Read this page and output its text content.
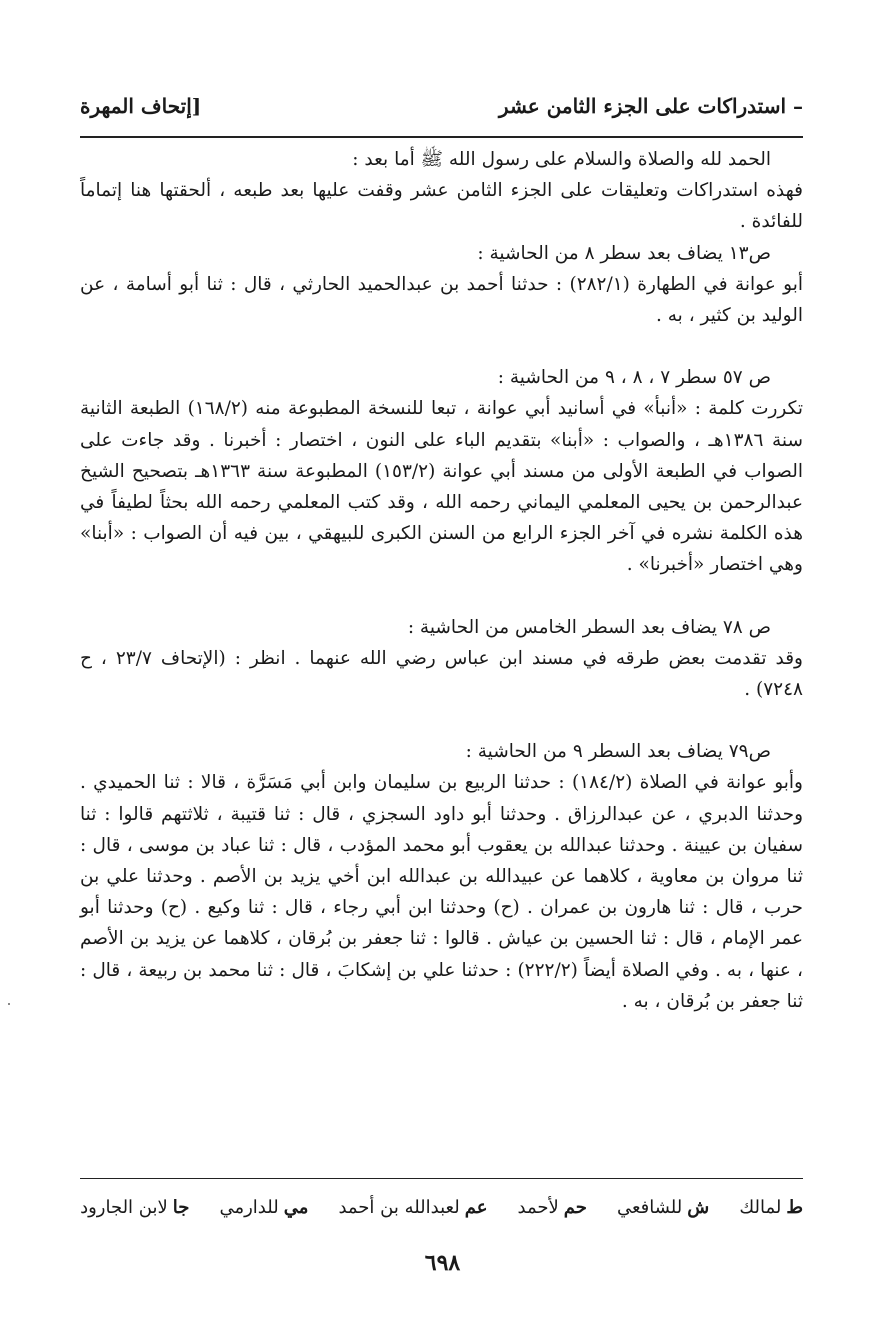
– استدراكات على الجزء الثامن عشر
[إتحاف المهرة

الحمد لله والصلاة والسلام على رسول الله ﷺ أما بعد :

فهذه استدراكات وتعليقات على الجزء الثامن عشر وقفت عليها بعد طبعه ، ألحقتها هنا إتماماً للفائدة .

ص١٣ يضاف بعد سطر ٨ من الحاشية :

أبو عوانة في الطهارة (٢٨٢/١) : حدثنا أحمد بن عبدالحميد الحارثي ، قال : ثنا أبو أسامة ، عن الوليد بن كثير ، به .

ص ٥٧ سطر ٧ ، ٨ ، ٩ من الحاشية :

تكررت كلمة : «أنبأ» في أسانيد أبي عوانة ، تبعا للنسخة المطبوعة منه (١٦٨/٢) الطبعة الثانية سنة ١٣٨٦هـ ، والصواب : «أبنا» بتقديم الباء على النون ، اختصار : أخبرنا . وقد جاءت على الصواب في الطبعة الأولى من مسند أبي عوانة (١٥٣/٢) المطبوعة سنة ١٣٦٣هـ بتصحيح الشيخ عبدالرحمن بن يحيى المعلمي اليماني رحمه الله ، وقد كتب المعلمي رحمه الله بحثاً لطيفاً في هذه الكلمة نشره في آخر الجزء الرابع من السنن الكبرى للبيهقي ، بين فيه أن الصواب : «أبنا» وهي اختصار «أخبرنا» .

ص ٧٨ يضاف بعد السطر الخامس من الحاشية :

وقد تقدمت بعض طرقه في مسند ابن عباس رضي الله عنهما . انظر : (الإتحاف ٢٣/٧ ، ح ٧٢٤٨) .

ص٧٩ يضاف بعد السطر ٩ من الحاشية :

وأبو عوانة في الصلاة (١٨٤/٢) : حدثنا الربيع بن سليمان وابن أبي مَسَرَّة ، قالا : ثنا الحميدي . وحدثنا الدبري ، عن عبدالرزاق . وحدثنا أبو داود السجزي ، قال : ثنا قتيبة ، ثلاثتهم قالوا : ثنا سفيان بن عيينة . وحدثنا عبدالله بن يعقوب أبو محمد المؤدب ، قال : ثنا عباد بن موسى ، قال : ثنا مروان بن معاوية ، كلاهما عن عبيدالله بن عبدالله ابن أخي يزيد بن الأصم . وحدثنا علي بن حرب ، قال : ثنا هارون بن عمران . (ح) وحدثنا ابن أبي رجاء ، قال : ثنا وكيع . (ح) وحدثنا أبو عمر الإمام ، قال : ثنا الحسين بن عياش . قالوا : ثنا جعفر بن بُرقان ، كلاهما عن يزيد بن الأصم ، عنها ، به . وفي الصلاة أيضاً (٢٢٢/٢) : حدثنا علي بن إشكابَ ، قال : ثنا محمد بن ربيعة ، قال : ثنا جعفر بن بُرقان ، به .

ط
لمالك
ش
للشافعي
حم
لأحمد
عم
لعبدالله بن أحمد
مي
للدارمي
جا
لابن الجارود
٦٩٨
